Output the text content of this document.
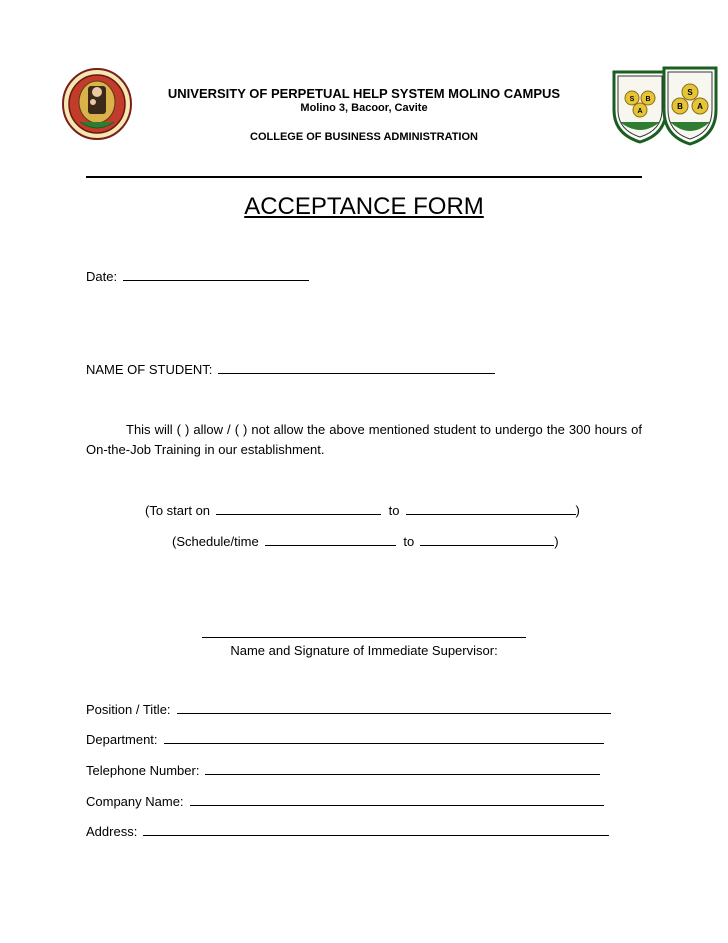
S B
A
S
B A
UNIVERSITY OF PERPETUAL HELP SYSTEM MOLINO CAMPUS
Molino 3, Bacoor, Cavite
COLLEGE OF BUSINESS ADMINISTRATION
ACCEPTANCE FORM
Date:
NAME OF STUDENT:
This will ( ) allow / ( ) not allow the above mentioned student to undergo the 300 hours of On-the-Job Training in our establishment.
(To start on	to	)
(Schedule/time	to	)
Name and Signature of Immediate Supervisor:
Position / Title:
Department:
Telephone Number:
Company Name:
Address:
